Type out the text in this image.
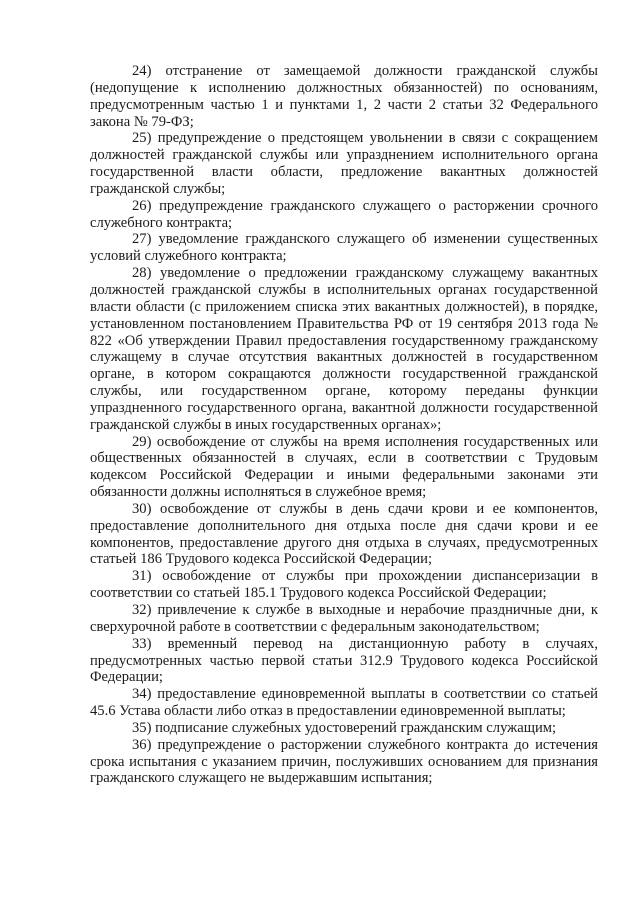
24) отстранение от замещаемой должности гражданской службы (недопущение к исполнению должностных обязанностей) по основаниям, предусмотренным частью 1 и пунктами 1, 2 части 2 статьи 32 Федерального закона № 79-ФЗ;

25) предупреждение о предстоящем увольнении в связи с сокращением должностей гражданской службы или упразднением исполнительного органа государственной власти области, предложение вакантных должностей гражданской службы;

26) предупреждение гражданского служащего о расторжении срочного служебного контракта;

27) уведомление гражданского служащего об изменении существенных условий служебного контракта;

28) уведомление о предложении гражданскому служащему вакантных должностей гражданской службы в исполнительных органах государственной власти области (с приложением списка этих вакантных должностей), в порядке, установленном постановлением Правительства РФ от 19 сентября 2013 года № 822 «Об утверждении Правил предоставления государственному гражданскому служащему в случае отсутствия вакантных должностей в государственном органе, в котором сокращаются должности государственной гражданской службы, или государственном органе, которому переданы функции упраздненного государственного органа, вакантной должности государственной гражданской службы в иных государственных органах»;

29) освобождение от службы на время исполнения государственных или общественных обязанностей в случаях, если в соответствии с Трудовым кодексом Российской Федерации и иными федеральными законами эти обязанности должны исполняться в служебное время;

30) освобождение от службы в день сдачи крови и ее компонентов, предоставление дополнительного дня отдыха после дня сдачи крови и ее компонентов, предоставление другого дня отдыха в случаях, предусмотренных статьей 186 Трудового кодекса Российской Федерации;

31) освобождение от службы при прохождении диспансеризации в соответствии со статьей 185.1 Трудового кодекса Российской Федерации;

32) привлечение к службе в выходные и нерабочие праздничные дни, к сверхурочной работе в соответствии с федеральным законодательством;

33) временный перевод на дистанционную работу в случаях, предусмотренных частью первой статьи 312.9 Трудового кодекса Российской Федерации;

34) предоставление единовременной выплаты в соответствии со статьей 45.6 Устава области либо отказ в предоставлении единовременной выплаты;

35) подписание служебных удостоверений гражданским служащим;

36) предупреждение о расторжении служебного контракта до истечения срока испытания с указанием причин, послуживших основанием для признания гражданского служащего не выдержавшим испытания;
